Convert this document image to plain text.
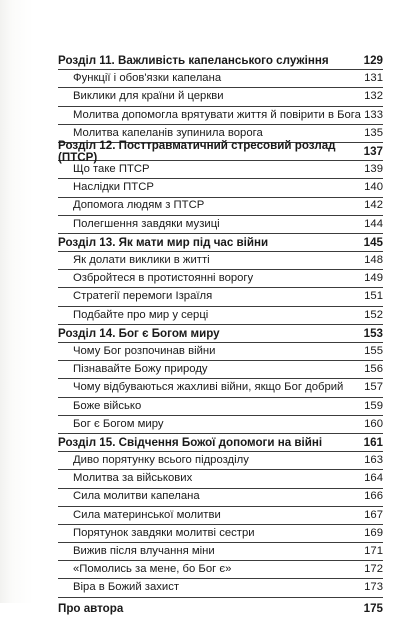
Розділ 11. Важливість капеланського служіння	129
Функції і обов'язки капелана	131
Виклики для країни й церкви	132
Молитва допомогла врятувати життя й повірити в Бога 133
Молитва капеланів зупинила ворога	135
Розділ 12. Посттравматичний стресовий розлад (ПТСР)	137
Що таке ПТСР	139
Наслідки ПТСР	140
Допомога людям з ПТСР	142
Полегшення завдяки музиці	144
Розділ 13. Як мати мир під час війни	145
Як долати виклики в житті	148
Озбройтеся в протистоянні ворогу	149
Стратегії перемоги Ізраїля	151
Подбайте про мир у серці	152
Розділ 14. Бог є Богом миру	153
Чому Бог розпочинав війни	155
Пізнавайте Божу природу	156
Чому відбуваються жахливі війни, якщо Бог добрий 157
Боже військо	159
Бог є Богом миру	160
Розділ 15. Свідчення Божої допомоги на війні	161
Диво порятунку всього підрозділу	163
Молитва за військових	164
Сила молитви капелана	166
Сила материнської молитви	167
Порятунок завдяки молитві сестри	169
Вижив після влучання міни	171
«Помолись за мене, бо Бог є»	172
Віра в Божий захист	173
Про автора	175
